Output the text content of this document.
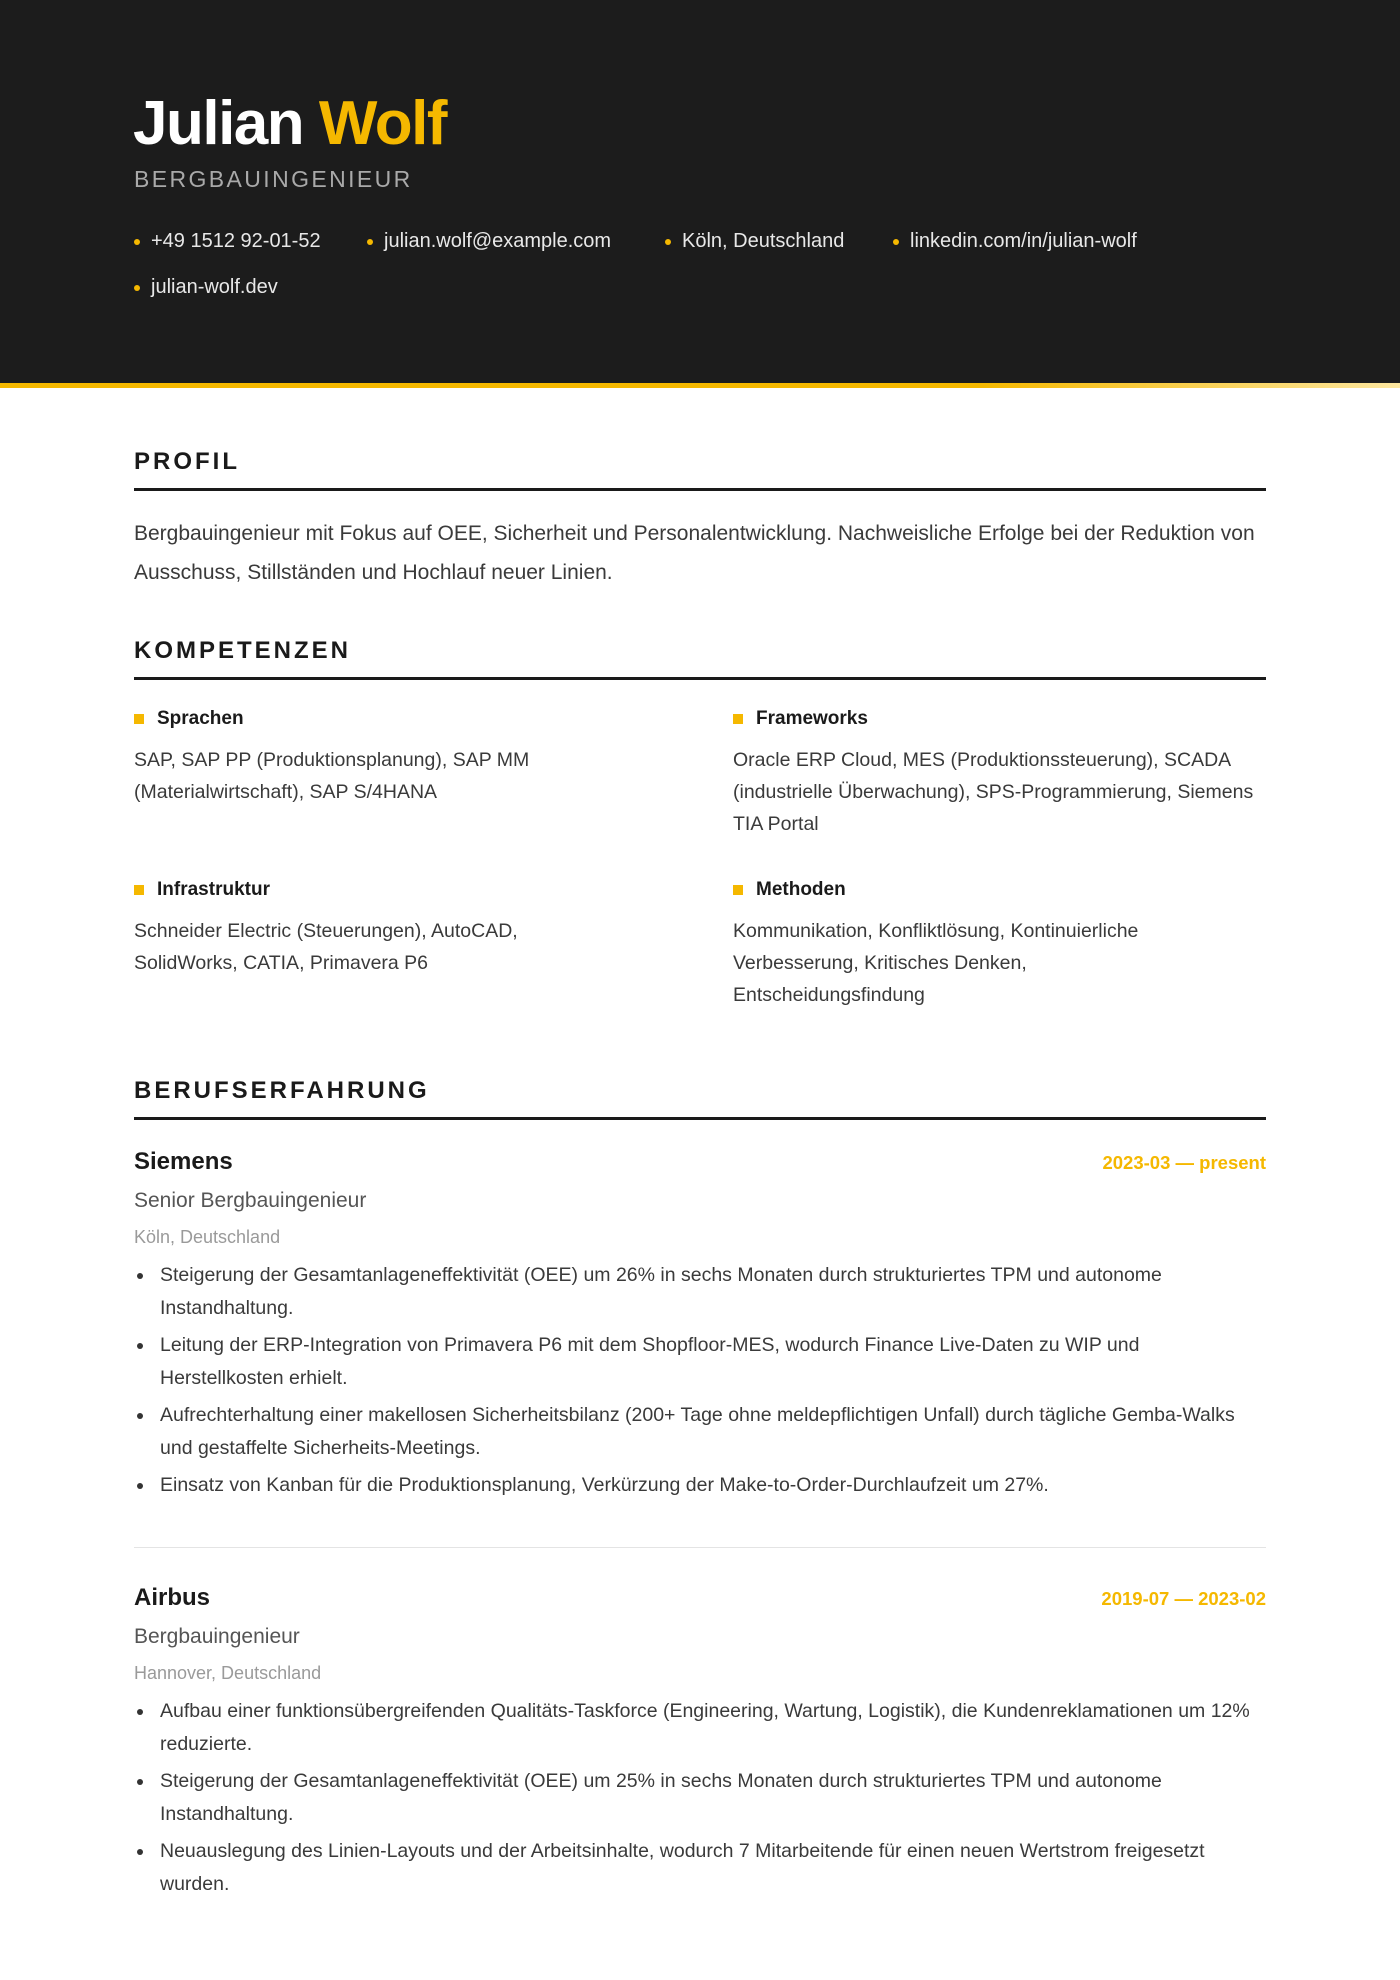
Julian Wolf
BERGBAUINGENIEUR
+49 1512 92-01-52	julian.wolf@example.com	Köln, Deutschland	linkedin.com/in/julian-wolf
julian-wolf.dev
PROFIL
Bergbauingenieur mit Fokus auf OEE, Sicherheit und Personalentwicklung. Nachweisliche Erfolge bei der Reduktion von Ausschuss, Stillständen und Hochlauf neuer Linien.
KOMPETENZEN
Sprachen
SAP, SAP PP (Produktionsplanung), SAP MM (Materialwirtschaft), SAP S/4HANA
Frameworks
Oracle ERP Cloud, MES (Produktionssteuerung), SCADA (industrielle Überwachung), SPS-Programmierung, Siemens TIA Portal
Infrastruktur
Schneider Electric (Steuerungen), AutoCAD, SolidWorks, CATIA, Primavera P6
Methoden
Kommunikation, Konfliktlösung, Kontinuierliche Verbesserung, Kritisches Denken, Entscheidungsfindung
BERUFSERFAHRUNG
Siemens	2023-03 — present
Senior Bergbauingenieur
Köln, Deutschland
Steigerung der Gesamtanlageneffektivität (OEE) um 26% in sechs Monaten durch strukturiertes TPM und autonome Instandhaltung.
Leitung der ERP-Integration von Primavera P6 mit dem Shopfloor-MES, wodurch Finance Live-Daten zu WIP und Herstellkosten erhielt.
Aufrechterhaltung einer makellosen Sicherheitsbilanz (200+ Tage ohne meldepflichtigen Unfall) durch tägliche Gemba-Walks und gestaffelte Sicherheits-Meetings.
Einsatz von Kanban für die Produktionsplanung, Verkürzung der Make-to-Order-Durchlaufzeit um 27%.
Airbus	2019-07 — 2023-02
Bergbauingenieur
Hannover, Deutschland
Aufbau einer funktionsübergreifenden Qualitäts-Taskforce (Engineering, Wartung, Logistik), die Kundenreklamationen um 12% reduzierte.
Steigerung der Gesamtanlageneffektivität (OEE) um 25% in sechs Monaten durch strukturiertes TPM und autonome Instandhaltung.
Neuauslegung des Linien-Layouts und der Arbeitsinhalte, wodurch 7 Mitarbeitende für einen neuen Wertstrom freigesetzt wurden.
